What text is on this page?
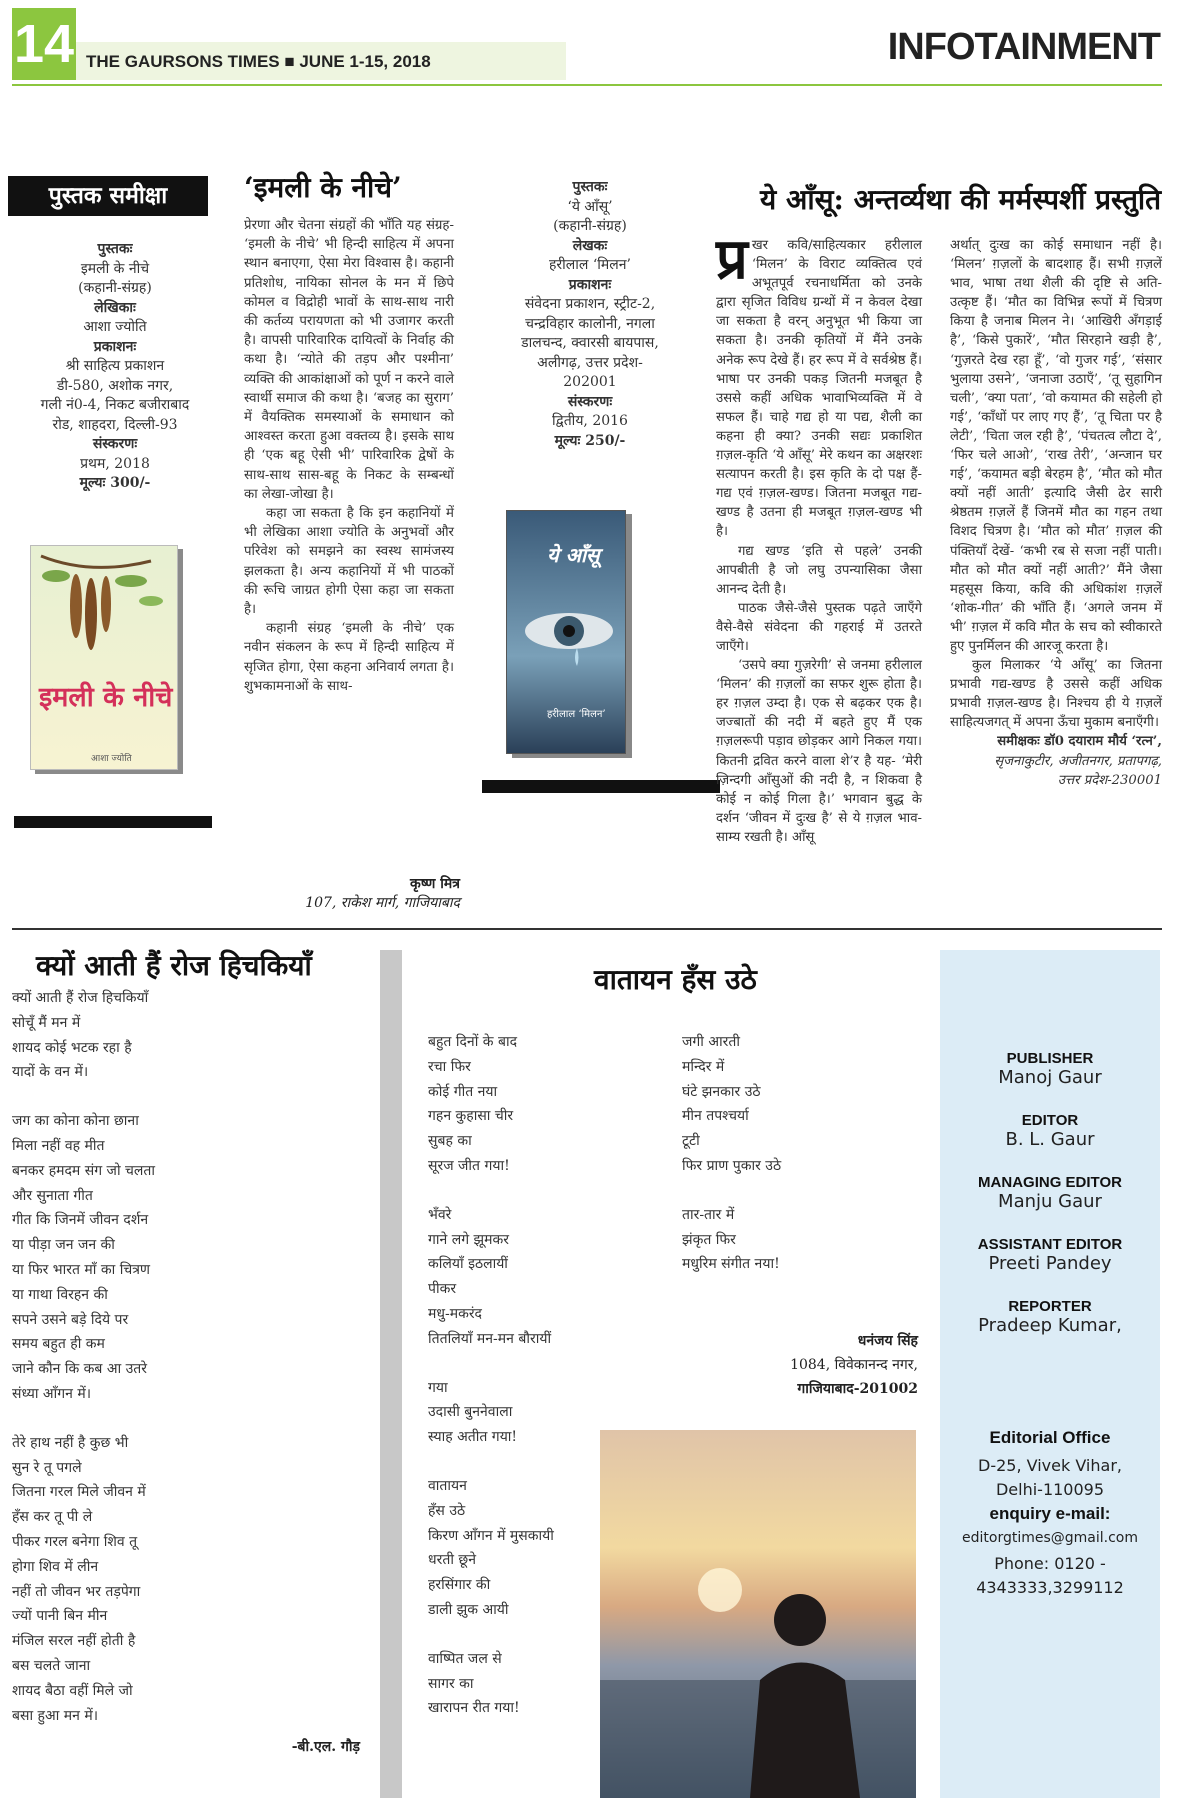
14 THE GAURSONS TIMES ■ JUNE 1-15, 2018	INFOTAINMENT
पुस्तक समीक्षा
पुस्तकः
इमली के नीचे
(कहानी-संग्रह)
लेखिकाः
आशा ज्योति
प्रकाशनः
श्री साहित्य प्रकाशन
डी-580, अशोक नगर,
गली नं0-4, निकट बजीराबाद
रोड, शाहदरा, दिल्ली-93
संस्करणः
प्रथम, 2018
मूल्यः 300/-
इमली के नीचे
आशा ज्योति
‘इमली के नीचे’

प्रेरणा और चेतना संग्रहों की भाँति यह संग्रह- ‘इमली के नीचे’ भी हिन्दी साहित्य में अपना स्थान बनाएगा, ऐसा मेरा विश्वास है। कहानी प्रतिशोध, नायिका सोनल के मन में छिपे कोमल व विद्रोही भावों के साथ-साथ नारी की कर्तव्य परायणता को भी उजागर करती है। वापसी पारिवारिक दायित्वों के निर्वाह की कथा है। ‘न्योते की तड़प और पश्मीना’ व्यक्ति की आकांक्षाओं को पूर्ण न करने वाले स्वार्थी समाज की कथा है। ‘बजह का सुराग’ में वैयक्तिक समस्याओं के समाधान को आश्वस्त करता हुआ वक्तव्य है। इसके साथ ही ‘एक बहू ऐसी भी’ पारिवारिक द्वेषों के साथ-साथ सास-बहू के निकट के सम्बन्धों का लेखा-जोखा है।

कहा जा सकता है कि इन कहानियों में भी लेखिका आशा ज्योति के अनुभवों और परिवेश को समझने का स्वस्थ सामंजस्य झलकता है। अन्य कहानियों में भी पाठकों की रूचि जाग्रत होगी ऐसा कहा जा सकता है।

कहानी संग्रह ‘इमली के नीचे’ एक नवीन संकलन के रूप में हिन्दी साहित्य में सृजित होगा, ऐसा कहना अनिवार्य लगता है। शुभकामनाओं के साथ-

कृष्ण मित्र
107, राकेश मार्ग, गाजियाबाद
पुस्तकः
‘ये आँसू’
(कहानी-संग्रह)
लेखकः
हरीलाल ‘मिलन’
प्रकाशनः
संवेदना प्रकाशन, स्ट्रीट-2,
चन्द्रविहार कालोनी, नगला
डालचन्द, क्वारसी बायपास,
अलीगढ़, उत्तर प्रदेश-
202001
संस्करणः
द्वितीय, 2016
मूल्यः 250/-
ये आँसू
हरीलाल ‘मिलन’
ये आँसू: अन्तर्व्यथा की मर्मस्पर्शी प्रस्तुति

प्र खर कवि/साहित्यकार हरीलाल ‘मिलन’ के विराट व्यक्तित्व एवं अभूतपूर्व रचनाधर्मिता को उनके द्वारा सृजित विविध ग्रन्थों में न केवल देखा जा सकता है वरन् अनुभूत भी किया जा सकता है। उनकी कृतियों में मैंने उनके अनेक रूप देखे हैं। हर रूप में वे सर्वश्रेष्ठ हैं। भाषा पर उनकी पकड़ जितनी मजबूत है उससे कहीं अधिक भावाभिव्यक्ति में वे सफल हैं। चाहे गद्य हो या पद्य, शैली का कहना ही क्या? उनकी सद्यः प्रकाशित ग़ज़ल-कृति ‘ये आँसू’ मेरे कथन का अक्षरशः सत्यापन करती है। इस कृति के दो पक्ष हैं- गद्य एवं ग़ज़ल-खण्ड। जितना मजबूत गद्य-खण्ड है उतना ही मजबूत ग़ज़ल-खण्ड भी है।

गद्य खण्ड ‘इति से पहले’ उनकी आपबीती है जो लघु उपन्यासिका जैसा आनन्द देती है।

पाठक जैसे-जैसे पुस्तक पढ़ते जाएँगे वैसे-वैसे संवेदना की गहराई में उतरते जाएँगे।

‘उसपे क्या गुज़रेगी’ से जनमा हरीलाल ‘मिलन’ की ग़ज़लों का सफर शुरू होता है। हर ग़ज़ल उम्दा है। एक से बढ़कर एक है। जज्बातों की नदी में बहते हुए मैं एक ग़ज़लरूपी पड़ाव छोड़कर आगे निकल गया। कितनी द्रवित करने वाला शे’र है यह- ‘मेरी ज़िन्दगी आँसुओं की नदी है, न शिकवा है कोई न कोई गिला है।’ भगवान बुद्ध के दर्शन ‘जीवन में दुःख है’ से ये ग़ज़ल भाव-साम्य रखती है। आँसू

अर्थात् दुःख का कोई समाधान नहीं है। ‘मिलन’ ग़ज़लों के बादशाह हैं। सभी ग़ज़लें भाव, भाषा तथा शैली की दृष्टि से अति-उत्कृष्ट हैं। ‘मौत का विभिन्न रूपों में चित्रण किया है जनाब मिलन ने। ‘आखिरी अँगड़ाई है’, ‘किसे पुकारें’, ‘मौत सिरहाने खड़ी है’, ‘गुज़रते देख रहा हूँ’, ‘वो गुजर गई’, ‘संसार भुलाया उसने’, ‘जनाजा उठाएँ’, ‘तू सुहागिन चली’, ‘क्या पता’, ‘वो कयामत की सहेली हो गई’, ‘काँधों पर लाए गए हैं’, ‘तू चिता पर है लेटी’, ‘चिता जल रही है’, ‘पंचतत्व लौटा दे’, ‘फिर चले आओ’, ‘राख तेरी’, ‘अन्जान घर गई’, ‘कयामत बड़ी बेरहम है’, ‘मौत को मौत क्यों नहीं आती’ इत्यादि जैसी ढेर सारी श्रेष्ठतम ग़ज़लें हैं जिनमें मौत का गहन तथा विशद चित्रण है। ‘मौत को मौत’ ग़ज़ल की पंक्तियाँ देखें- ‘कभी रब से सजा नहीं पाती। मौत को मौत क्यों नहीं आती?’ मैंने जैसा महसूस किया, कवि की अधिकांश ग़ज़लें ‘शोक-गीत’ की भाँति हैं। ‘अगले जनम में भी’ ग़ज़ल में कवि मौत के सच को स्वीकारते हुए पुनर्मिलन की आरजू करता है।

कुल मिलाकर ‘ये आँसू’ का जितना प्रभावी गद्य-खण्ड है उससे कहीं अधिक प्रभावी ग़ज़ल-खण्ड है। निश्चय ही ये ग़ज़लें साहित्यजगत् में अपना ऊँचा मुकाम बनाएँगी।

समीक्षकः डॉ0 दयाराम मौर्य ‘रत्न’,

सृजनाकुटीर, अजीतनगर, प्रतापगढ़,

उत्तर प्रदेश-230001

क्यों आती हैं रोज हिचकियाँ
क्यों आती हैं रोज हिचकियाँ
सोचूँ मैं मन में
शायद कोई भटक रहा है
यादों के वन में।
जग का कोना कोना छाना
मिला नहीं वह मीत
बनकर हमदम संग जो चलता
और सुनाता गीत
गीत कि जिनमें जीवन दर्शन
या पीड़ा जन जन की
या फिर भारत माँ का चित्रण
या गाथा विरहन की
सपने उसने बड़े दिये पर
समय बहुत ही कम
जाने कौन कि कब आ उतरे
संध्या आँगन में।
तेरे हाथ नहीं है कुछ भी
सुन रे तू पगले
जितना गरल मिले जीवन में
हँस कर तू पी ले
पीकर गरल बनेगा शिव तू
होगा शिव में लीन
नहीं तो जीवन भर तड़पेगा
ज्यों पानी बिन मीन
मंजिल सरल नहीं होती है
बस चलते जाना
शायद बैठा वहीं मिले जो
बसा हुआ मन में।
-बी.एल. गौड़
वातायन हँस उठे
बहुत दिनों के बाद
रचा फिर
कोई गीत नया
गहन कुहासा चीर
सुबह का
सूरज जीत गया!
भँवरे
गाने लगे झूमकर
कलियाँ इठलायीं
पीकर
मधु-मकरंद
तितलियाँ मन-मन बौरायीं
गया
उदासी बुननेवाला
स्याह अतीत गया!
वातायन
हँस उठे
किरण आँगन में मुसकायी
धरती छूने
हरसिंगार की
डाली झुक आयी
वाष्पित जल से
सागर का
खारापन रीत गया!
जगी आरती
मन्दिर में
घंटे झनकार उठे
मीन तपश्चर्या
टूटी
फिर प्राण पुकार उठे
तार-तार में
झंकृत फिर
मधुरिम संगीत नया!
धनंजय सिंह
1084, विवेकानन्द नगर,
गाजियाबाद-201002
PUBLISHER
Manoj Gaur
EDITOR
B. L. Gaur
MANAGING EDITOR
Manju Gaur
ASSISTANT EDITOR
Preeti Pandey
REPORTER
Pradeep Kumar,
Editorial Office
D-25, Vivek Vihar,
Delhi-110095
enquiry e-mail:
editorgtimes@gmail.com
Phone: 0120 -
4343333,3299112
